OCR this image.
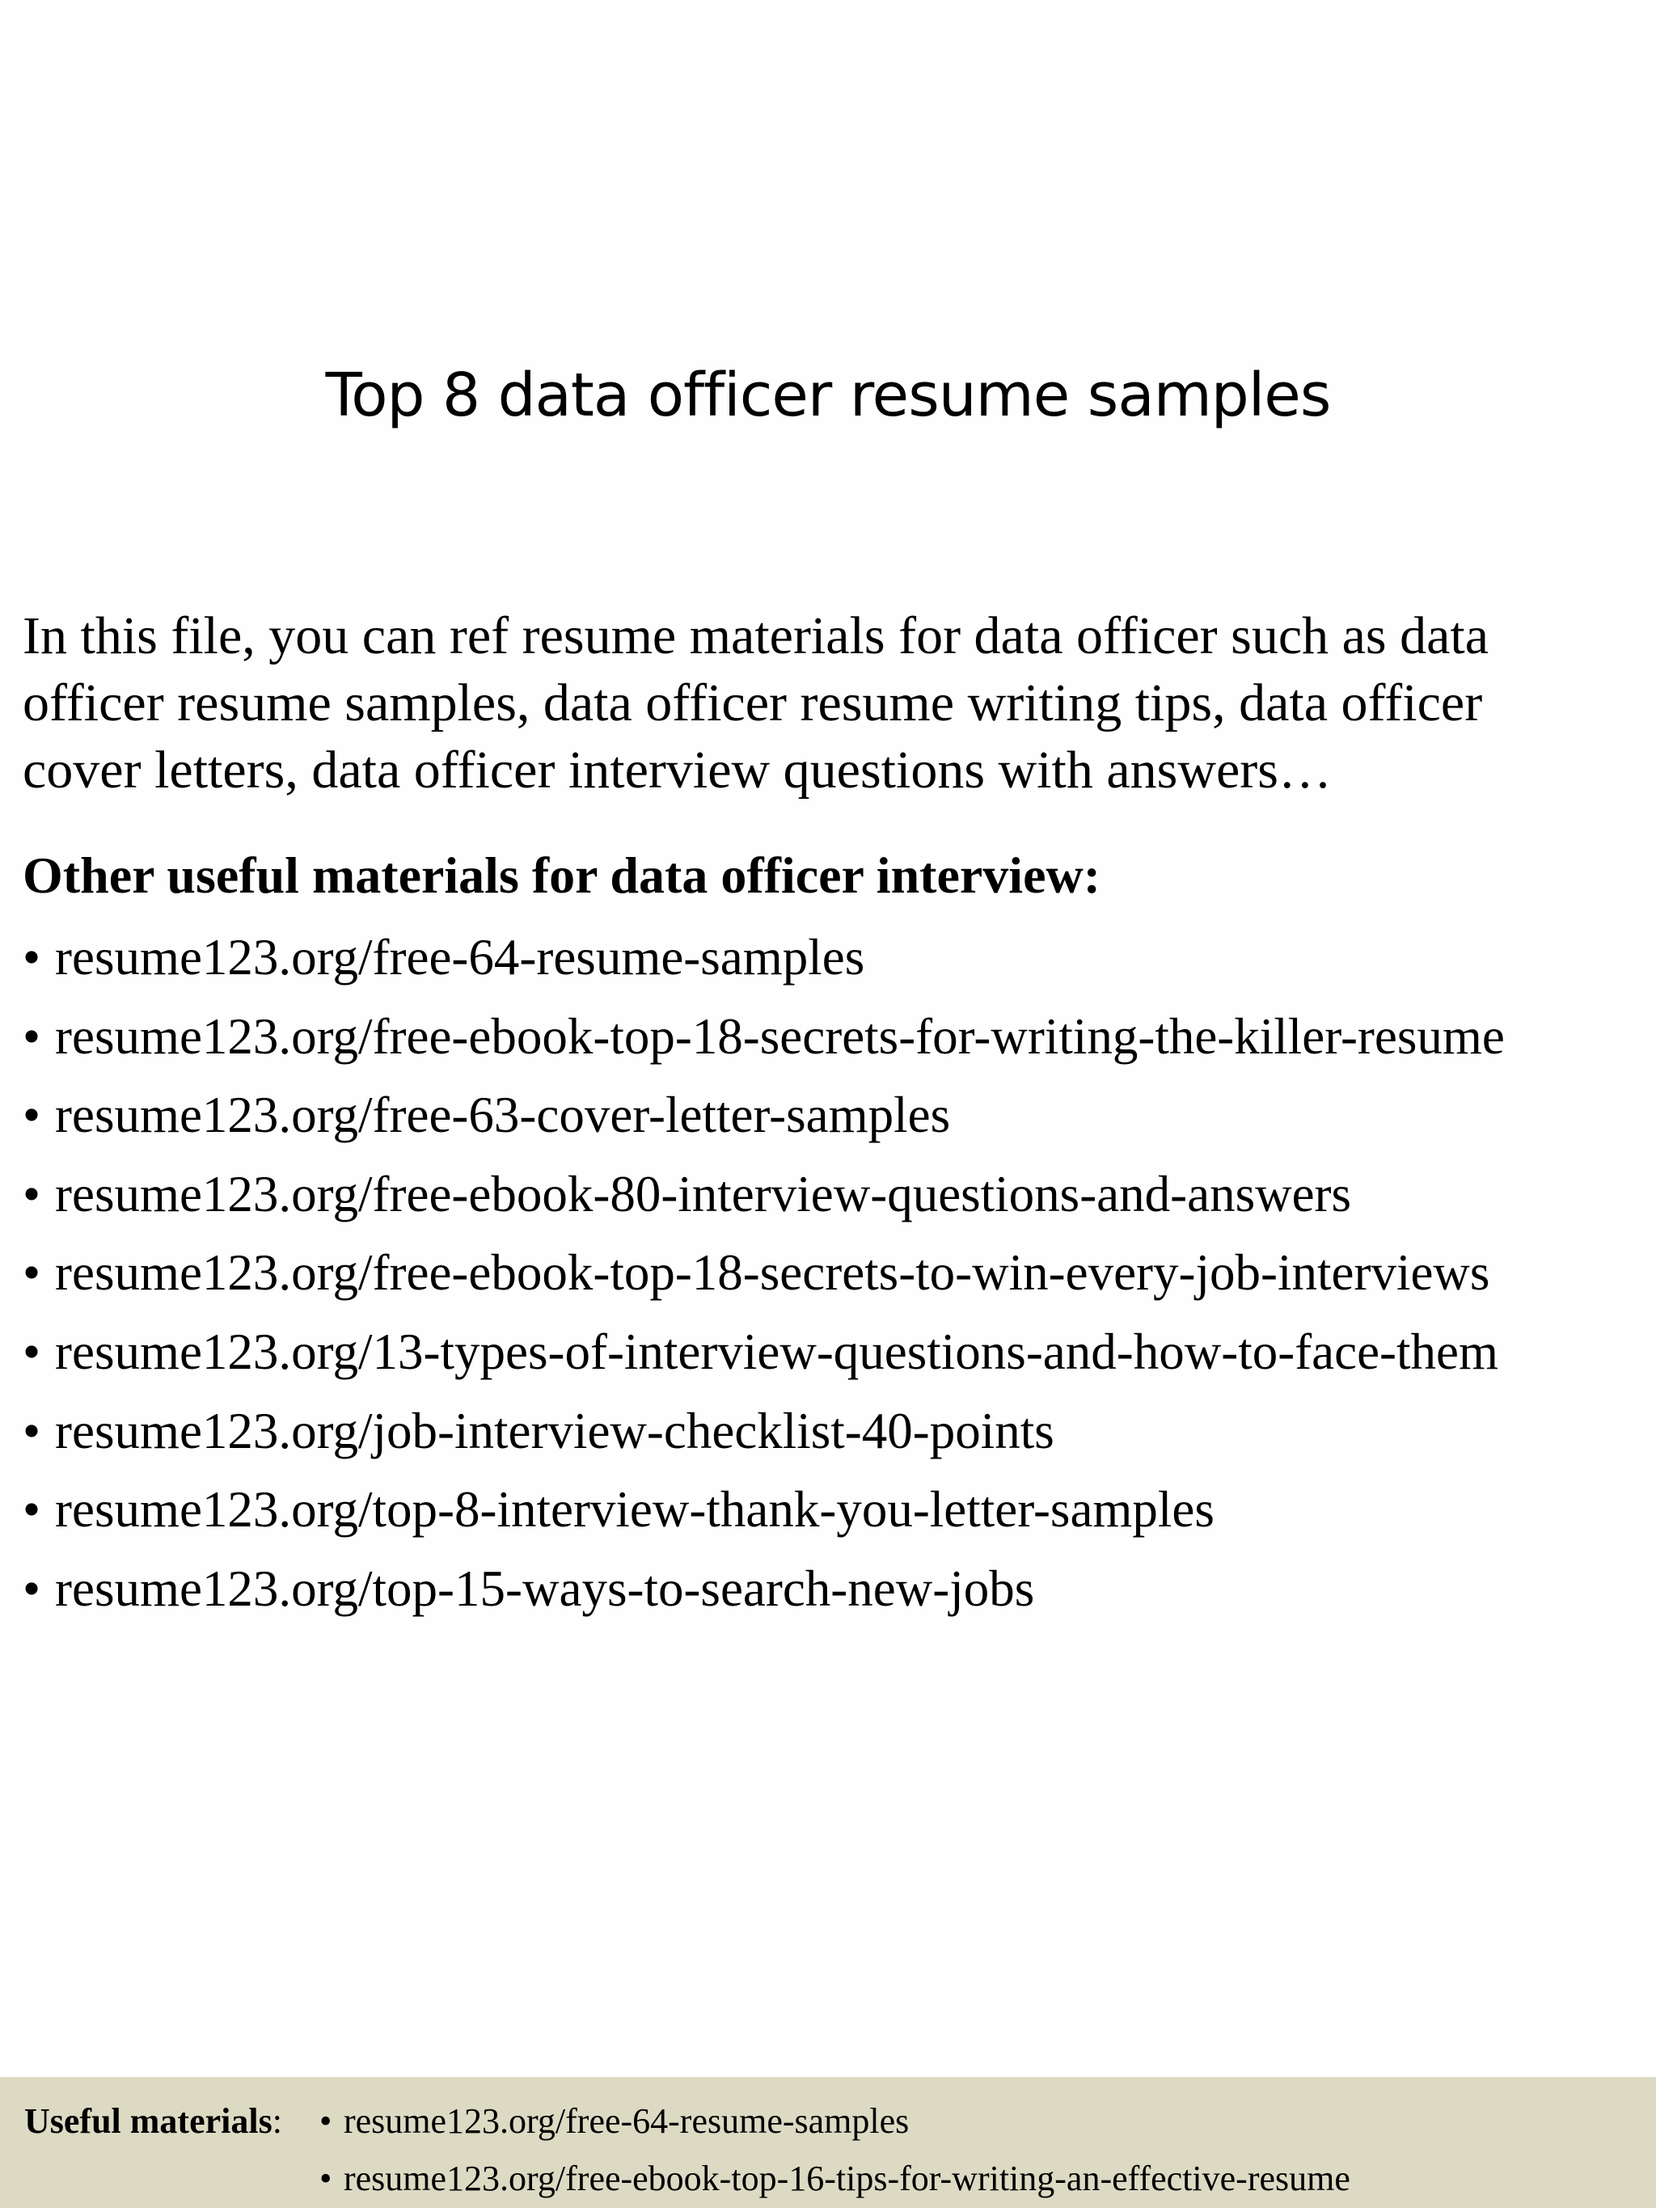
Top 8 data officer resume samples
In this file, you can ref resume materials for data officer such as data
officer resume samples, data officer resume writing tips, data officer
cover letters, data officer interview questions with answers…
Other useful materials for data officer interview:
• resume123.org/free-64-resume-samples
• resume123.org/free-ebook-top-18-secrets-for-writing-the-killer-resume
• resume123.org/free-63-cover-letter-samples
• resume123.org/free-ebook-80-interview-questions-and-answers
• resume123.org/free-ebook-top-18-secrets-to-win-every-job-interviews
• resume123.org/13-types-of-interview-questions-and-how-to-face-them
• resume123.org/job-interview-checklist-40-points
• resume123.org/top-8-interview-thank-you-letter-samples
• resume123.org/top-15-ways-to-search-new-jobs
Useful materials: • resume123.org/free-64-resume-samples
• resume123.org/free-ebook-top-16-tips-for-writing-an-effective-resume
